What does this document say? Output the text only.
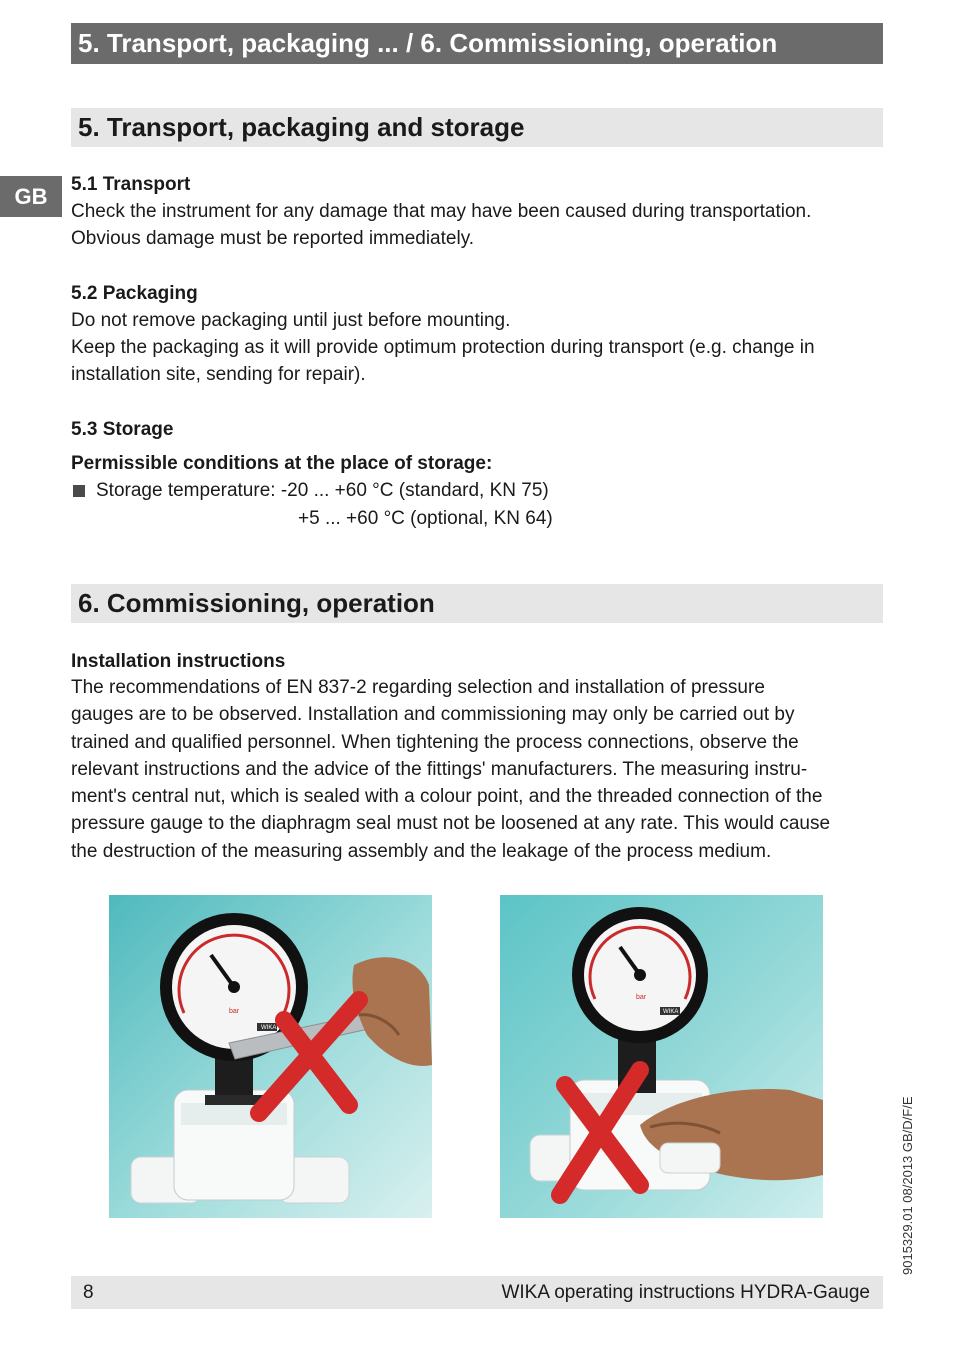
5. Transport, packaging ... / 6. Commissioning, operation
GB
5. Transport, packaging and storage
5.1 Transport
Check the instrument for any damage that may have been caused during transportation.
Obvious damage must be reported immediately.
5.2 Packaging
Do not remove packaging until just before mounting.
Keep the packaging as it will provide optimum protection during transport (e.g. change in
installation site, sending for repair).
5.3 Storage
Permissible conditions at the place of storage:
Storage temperature: -20 ... +60 °C (standard, KN 75)
+5 ... +60 °C (optional, KN 64)
6. Commissioning, operation
Installation instructions
The recommendations of EN 837-2 regarding selection and installation of pressure
gauges are to be observed. Installation and commissioning may only be carried out by
trained and qualified personnel. When tightening the process connections, observe the
relevant instructions and the advice of the fittings' manufacturers. The measuring instru-
ment's central nut, which is sealed with a colour point, and the threaded connection of the
pressure gauge to the diaphragm seal must not be loosened at any rate. This would cause
the destruction of the measuring assembly and the leakage of the process medium.
WIKA
bar	WIKA
bar
9015329.01 08/2013 GB/D/F/E
8	WIKA operating instructions HYDRA-Gauge
